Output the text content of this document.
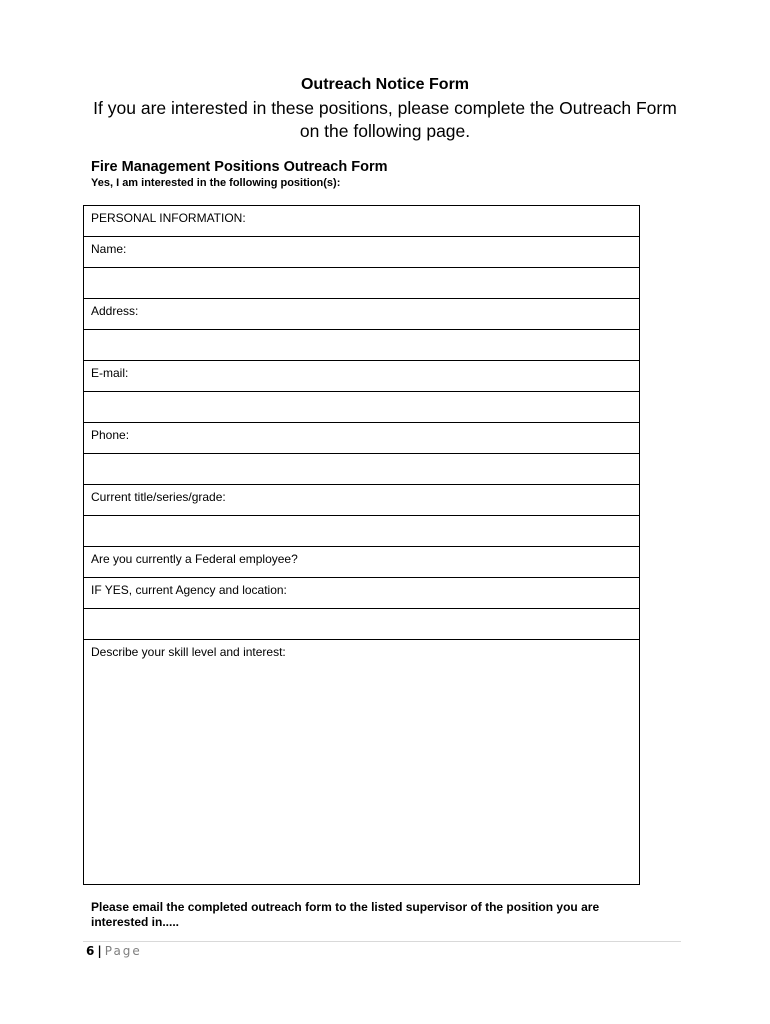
Outreach Notice Form

If you are interested in these positions, please complete the Outreach Form
on the following page.

Fire Management Positions Outreach Form

Yes, I am interested in the following position(s):

PERSONAL INFORMATION:

Name:

Address:

E-mail:

Phone:

Current title/series/grade:

Are you currently a Federal employee?

IF YES, current Agency and location:

Describe your skill level and interest:

Please email the completed outreach form to the listed supervisor of the position you are interested in.....

6 | Page
